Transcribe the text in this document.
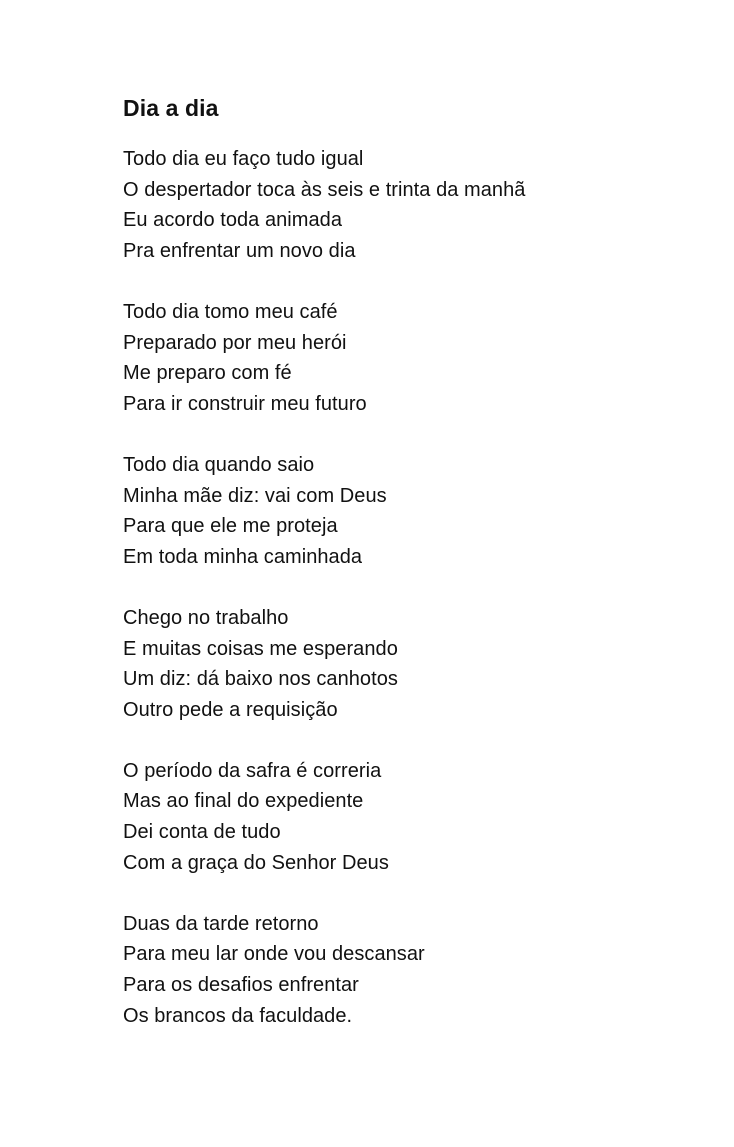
Dia a dia
Todo dia eu faço tudo igual
O despertador toca às seis e trinta da manhã
Eu acordo toda animada
Pra enfrentar um novo dia
Todo dia tomo meu café
Preparado por meu herói
Me preparo com fé
Para ir construir meu futuro
Todo dia quando saio
Minha mãe diz: vai com Deus
Para que ele me proteja
Em toda minha caminhada
Chego no trabalho
E muitas coisas me esperando
Um diz: dá baixo nos canhotos
Outro pede a requisição
O período da safra é correria
Mas ao final do expediente
Dei conta de tudo
Com a graça do Senhor Deus
Duas da tarde retorno
Para meu lar onde vou descansar
Para os desafios enfrentar
Os brancos da faculdade.
